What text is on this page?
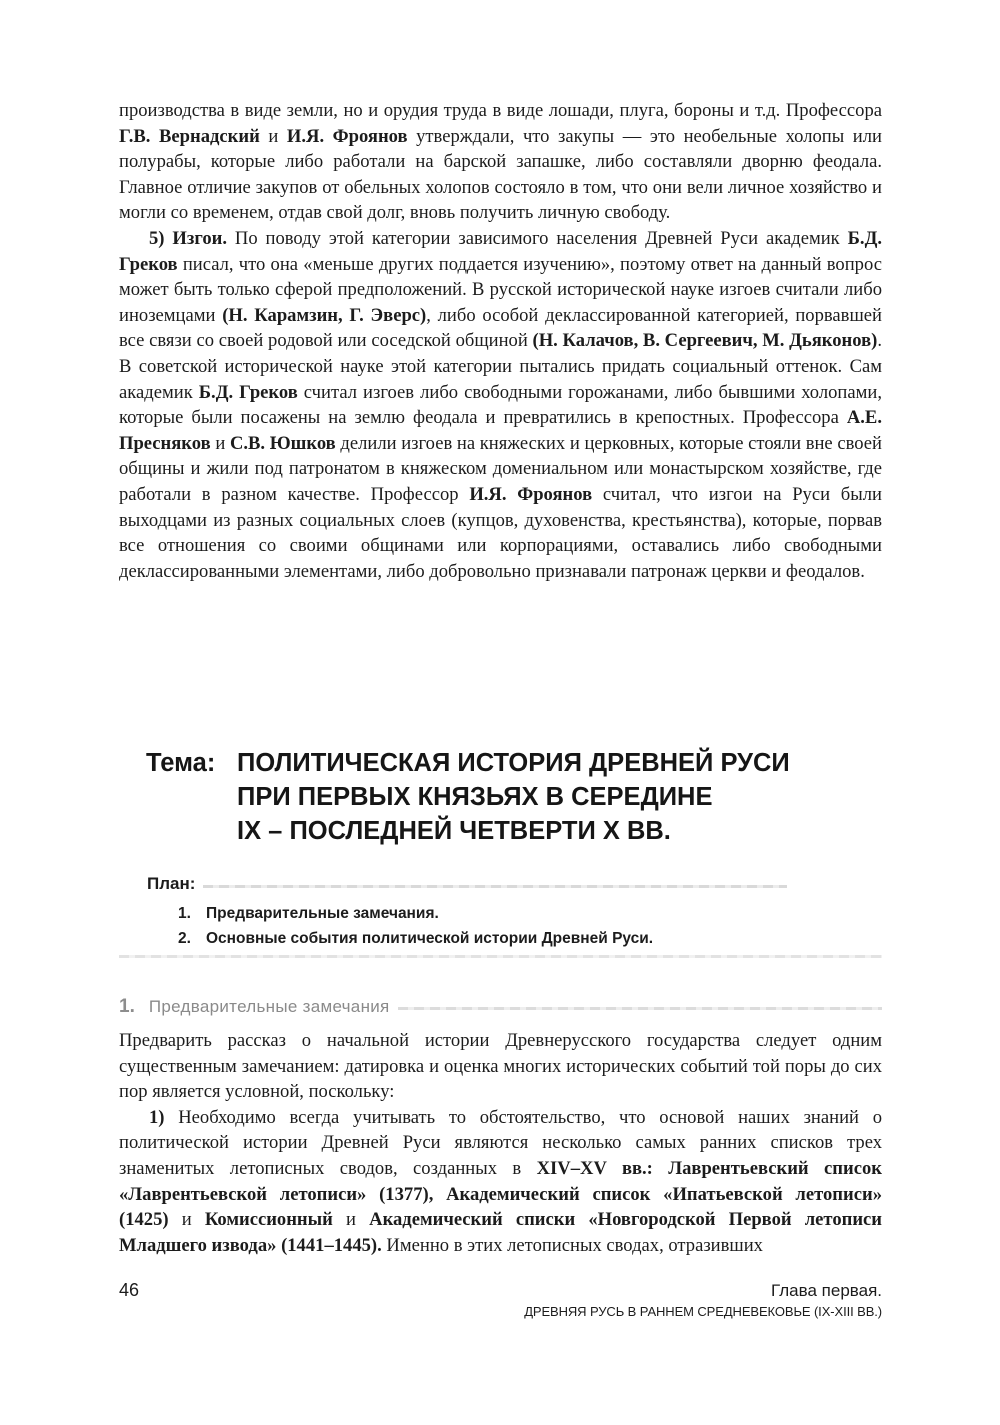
производства в виде земли, но и орудия труда в виде лошади, плуга, бороны и т.д. Профессора Г.В. Вернадский и И.Я. Фроянов утверждали, что закупы — это необельные холопы или полурабы, которые либо работали на барской запашке, либо составляли дворню феодала. Главное отличие закупов от обельных холопов состояло в том, что они вели личное хозяйство и могли со временем, отдав свой долг, вновь получить личную свободу.

5) Изгои. По поводу этой категории зависимого населения Древней Руси академик Б.Д. Греков писал, что она «меньше других поддается изучению», поэтому ответ на данный вопрос может быть только сферой предположений. В русской исторической науке изгоев считали либо иноземцами (Н. Карамзин, Г. Эверс), либо особой деклассированной категорией, порвавшей все связи со своей родовой или соседской общиной (Н. Калачов, В. Сергеевич, М. Дьяконов). В советской исторической науке этой категории пытались придать социальный оттенок. Сам академик Б.Д. Греков считал изгоев либо свободными горожанами, либо бывшими холопами, которые были посажены на землю феодала и превратились в крепостных. Профессора А.Е. Пресняков и С.В. Юшков делили изгоев на княжеских и церковных, которые стояли вне своей общины и жили под патронатом в княжеском домениальном или монастырском хозяйстве, где работали в разном качестве. Профессор И.Я. Фроянов считал, что изгои на Руси были выходцами из разных социальных слоев (купцов, духовенства, крестьянства), которые, порвав все отношения со своими общинами или корпорациями, оставались либо свободными деклассированными элементами, либо добровольно признавали патронаж церкви и феодалов.

Тема: ПОЛИТИЧЕСКАЯ ИСТОРИЯ ДРЕВНЕЙ РУСИ
ПРИ ПЕРВЫХ КНЯЗЬЯХ В СЕРЕДИНЕ
IX – ПОСЛЕДНЕЙ ЧЕТВЕРТИ X ВВ.
План:
1. Предварительные замечания.
2. Основные события политической истории Древней Руси.
1. Предварительные замечания

Предварить рассказ о начальной истории Древнерусского государства следует одним существенным замечанием: датировка и оценка многих исторических событий той поры до сих пор является условной, поскольку:

1) Необходимо всегда учитывать то обстоятельство, что основой наших знаний о политической истории Древней Руси являются несколько самых ранних списков трех знаменитых летописных сводов, созданных в XIV–XV вв.: Лаврентьевский список «Лаврентьевской летописи» (1377), Академический список «Ипатьевской летописи» (1425) и Комиссионный и Академический списки «Новгородской Первой летописи Младшего извода» (1441–1445). Именно в этих летописных сводах, отразивших

46	Глава первая.
ДРЕВНЯЯ РУСЬ В РАННЕМ СРЕДНЕВЕКОВЬЕ (IX-XIII ВВ.)
